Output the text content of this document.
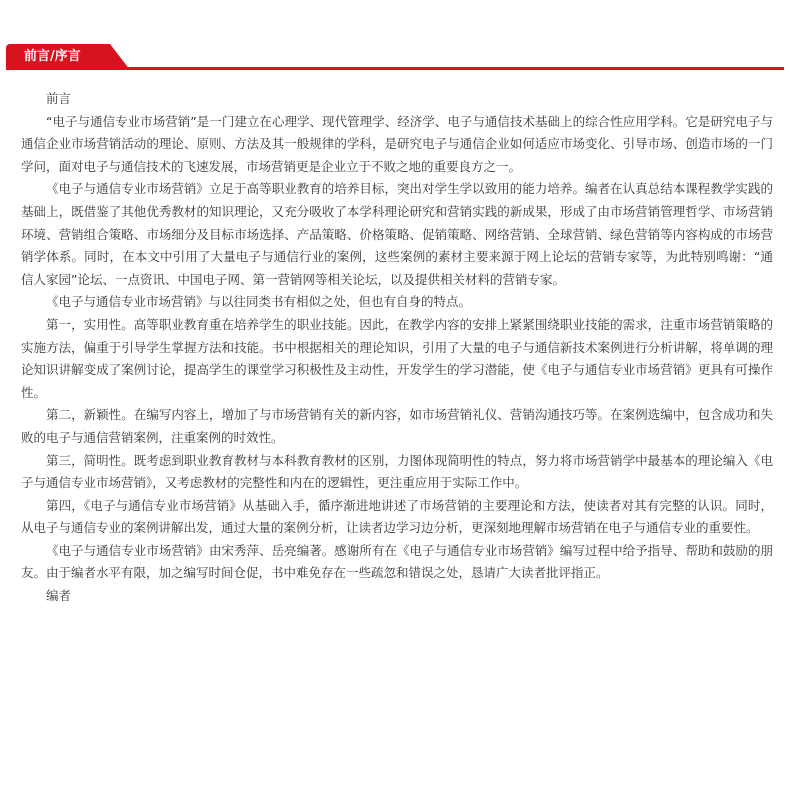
前言/序言

前言

“电子与通信专业市场营销”是一门建立在心理学、现代管理学、经济学、电子与通信技术基础上的综合性应用学科。它是研究电子与通信企业市场营销活动的理论、原则、方法及其一般规律的学科，是研究电子与通信企业如何适应市场变化、引导市场、创造市场的一门学问，面对电子与通信技术的飞速发展，市场营销更是企业立于不败之地的重要良方之一。

《电子与通信专业市场营销》立足于高等职业教育的培养目标，突出对学生学以致用的能力培养。编者在认真总结本课程教学实践的基础上，既借鉴了其他优秀教材的知识理论，又充分吸收了本学科理论研究和营销实践的新成果，形成了由市场营销管理哲学、市场营销环境、营销组合策略、市场细分及目标市场选择、产品策略、价格策略、促销策略、网络营销、全球营销、绿色营销等内容构成的市场营销学体系。同时，在本文中引用了大量电子与通信行业的案例，这些案例的素材主要来源于网上论坛的营销专家等，为此特别鸣谢：“通信人家园”论坛、一点资讯、中国电子网、第一营销网等相关论坛，以及提供相关材料的营销专家。

《电子与通信专业市场营销》与以往同类书有相似之处，但也有自身的特点。

第一，实用性。高等职业教育重在培养学生的职业技能。因此，在教学内容的安排上紧紧围绕职业技能的需求，注重市场营销策略的实施方法，偏重于引导学生掌握方法和技能。书中根据相关的理论知识，引用了大量的电子与通信新技术案例进行分析讲解，将单调的理论知识讲解变成了案例讨论，提高学生的课堂学习积极性及主动性，开发学生的学习潜能，使《电子与通信专业市场营销》更具有可操作性。

第二，新颖性。在编写内容上，增加了与市场营销有关的新内容，如市场营销礼仪、营销沟通技巧等。在案例选编中，包含成功和失败的电子与通信营销案例，注重案例的时效性。

第三，简明性。既考虑到职业教育教材与本科教育教材的区别，力图体现简明性的特点，努力将市场营销学中最基本的理论编入《电子与通信专业市场营销》，又考虑教材的完整性和内在的逻辑性，更注重应用于实际工作中。

第四，《电子与通信专业市场营销》从基础入手，循序渐进地讲述了市场营销的主要理论和方法，使读者对其有完整的认识。同时，从电子与通信专业的案例讲解出发，通过大量的案例分析，让读者边学习边分析，更深刻地理解市场营销在电子与通信专业的重要性。

《电子与通信专业市场营销》由宋秀萍、岳亮编著。感谢所有在《电子与通信专业市场营销》编写过程中给予指导、帮助和鼓励的朋友。由于编者水平有限，加之编写时间仓促，书中难免存在一些疏忽和错误之处，恳请广大读者批评指正。

编者
